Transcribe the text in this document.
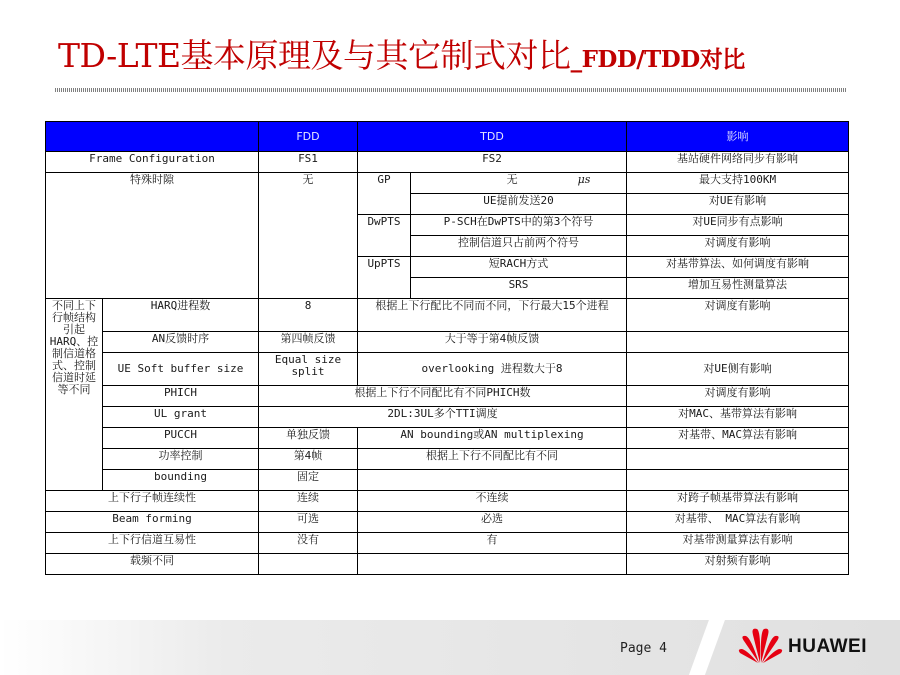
TD-LTE基本原理及与其它制式对比_FDD/TDD对比
		FDD	TDD		影响
Frame Configuration		FS1	FS2		基站硬件网络同步有影响
特殊时隙		无	GP	无 μs	最大支持100KM
				UE提前发送20	对UE有影响
			DwPTS	P-SCH在DwPTS中的第3个符号	对UE同步有点影响
				控制信道只占前两个符号	对调度有影响
			UpPTS	短RACH方式	对基带算法、如何调度有影响
				SRS	增加互易性测量算法
不同上下行帧结构引起HARQ、控制信道格式、控制信道时延等不同	HARQ进程数	8	根据上下行配比不同而不同，下行最大15个进程		对调度有影响
	AN反馈时序	第四帧反馈	大于等于第4帧反馈		
	UE Soft buffer size	Equal size split	overlooking 进程数大于8		对UE侧有影响
	PHICH	根据上下行不同配比有不同PHICH数			对调度有影响
	UL grant	2DL:3UL多个TTI调度			对MAC、基带算法有影响
	PUCCH	单独反馈	AN bounding或AN multiplexing		对基带、MAC算法有影响
	功率控制	第4帧	根据上下行不同配比有不同		
	bounding	固定			
上下行子帧连续性		连续	不连续		对跨子帧基带算法有影响
Beam forming		可选	必选		对基带、 MAC算法有影响
上下行信道互易性		没有	有		对基带测量算法有影响
载频不同					对射频有影响
Page 4	HUAWEI
